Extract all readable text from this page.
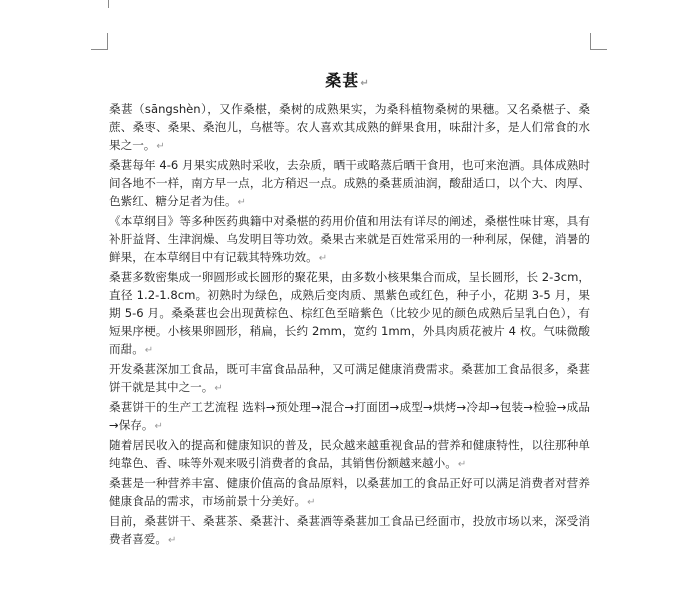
桑葚↵

桑葚（sāngshèn），又作桑椹，桑树的成熟果实，为桑科植物桑树的果穗。又名桑椹子、桑蔗、桑枣、桑果、桑泡儿，乌椹等。农人喜欢其成熟的鲜果食用，味甜汁多，是人们常食的水果之一。↵

桑葚每年 4-6 月果实成熟时采收，去杂质，晒干或略蒸后晒干食用，也可来泡酒。具体成熟时间各地不一样，南方早一点，北方稍迟一点。成熟的桑葚质油润，酸甜适口，以个大、肉厚、色紫红、糖分足者为佳。↵

《本草纲目》等多种医药典籍中对桑椹的药用价值和用法有详尽的阐述，桑椹性味甘寒，具有补肝益肾、生津润燥、乌发明目等功效。桑果古来就是百姓常采用的一种利尿，保健，消暑的鲜果，在本草纲目中有记载其特殊功效。↵

桑葚多数密集成一卵圆形或长圆形的聚花果，由多数小核果集合而成，呈长圆形，长 2-3cm，直径 1.2-1.8cm。初熟时为绿色，成熟后变肉质、黑紫色或红色，种子小，花期 3-5 月，果期 5-6 月。桑桑葚也会出现黄棕色、棕红色至暗紫色（比较少见的颜色成熟后呈乳白色），有短果序梗。小核果卵圆形，稍扁，长约 2mm，宽约 1mm，外具肉质花被片 4 枚。气味微酸而甜。↵

开发桑葚深加工食品，既可丰富食品品种，又可满足健康消费需求。桑葚加工食品很多，桑葚饼干就是其中之一。↵

桑葚饼干的生产工艺流程 选料→预处理→混合→打面团→成型→烘烤→冷却→包装→检验→成品→保存。↵

随着居民收入的提高和健康知识的普及，民众越来越重视食品的营养和健康特性，以往那种单纯靠色、香、味等外观来吸引消费者的食品，其销售份额越来越小。↵

桑葚是一种营养丰富、健康价值高的食品原料，以桑葚加工的食品正好可以满足消费者对营养健康食品的需求，市场前景十分美好。↵

目前，桑葚饼干、桑葚茶、桑葚汁、桑葚酒等桑葚加工食品已经面市，投放市场以来，深受消费者喜爱。↵
